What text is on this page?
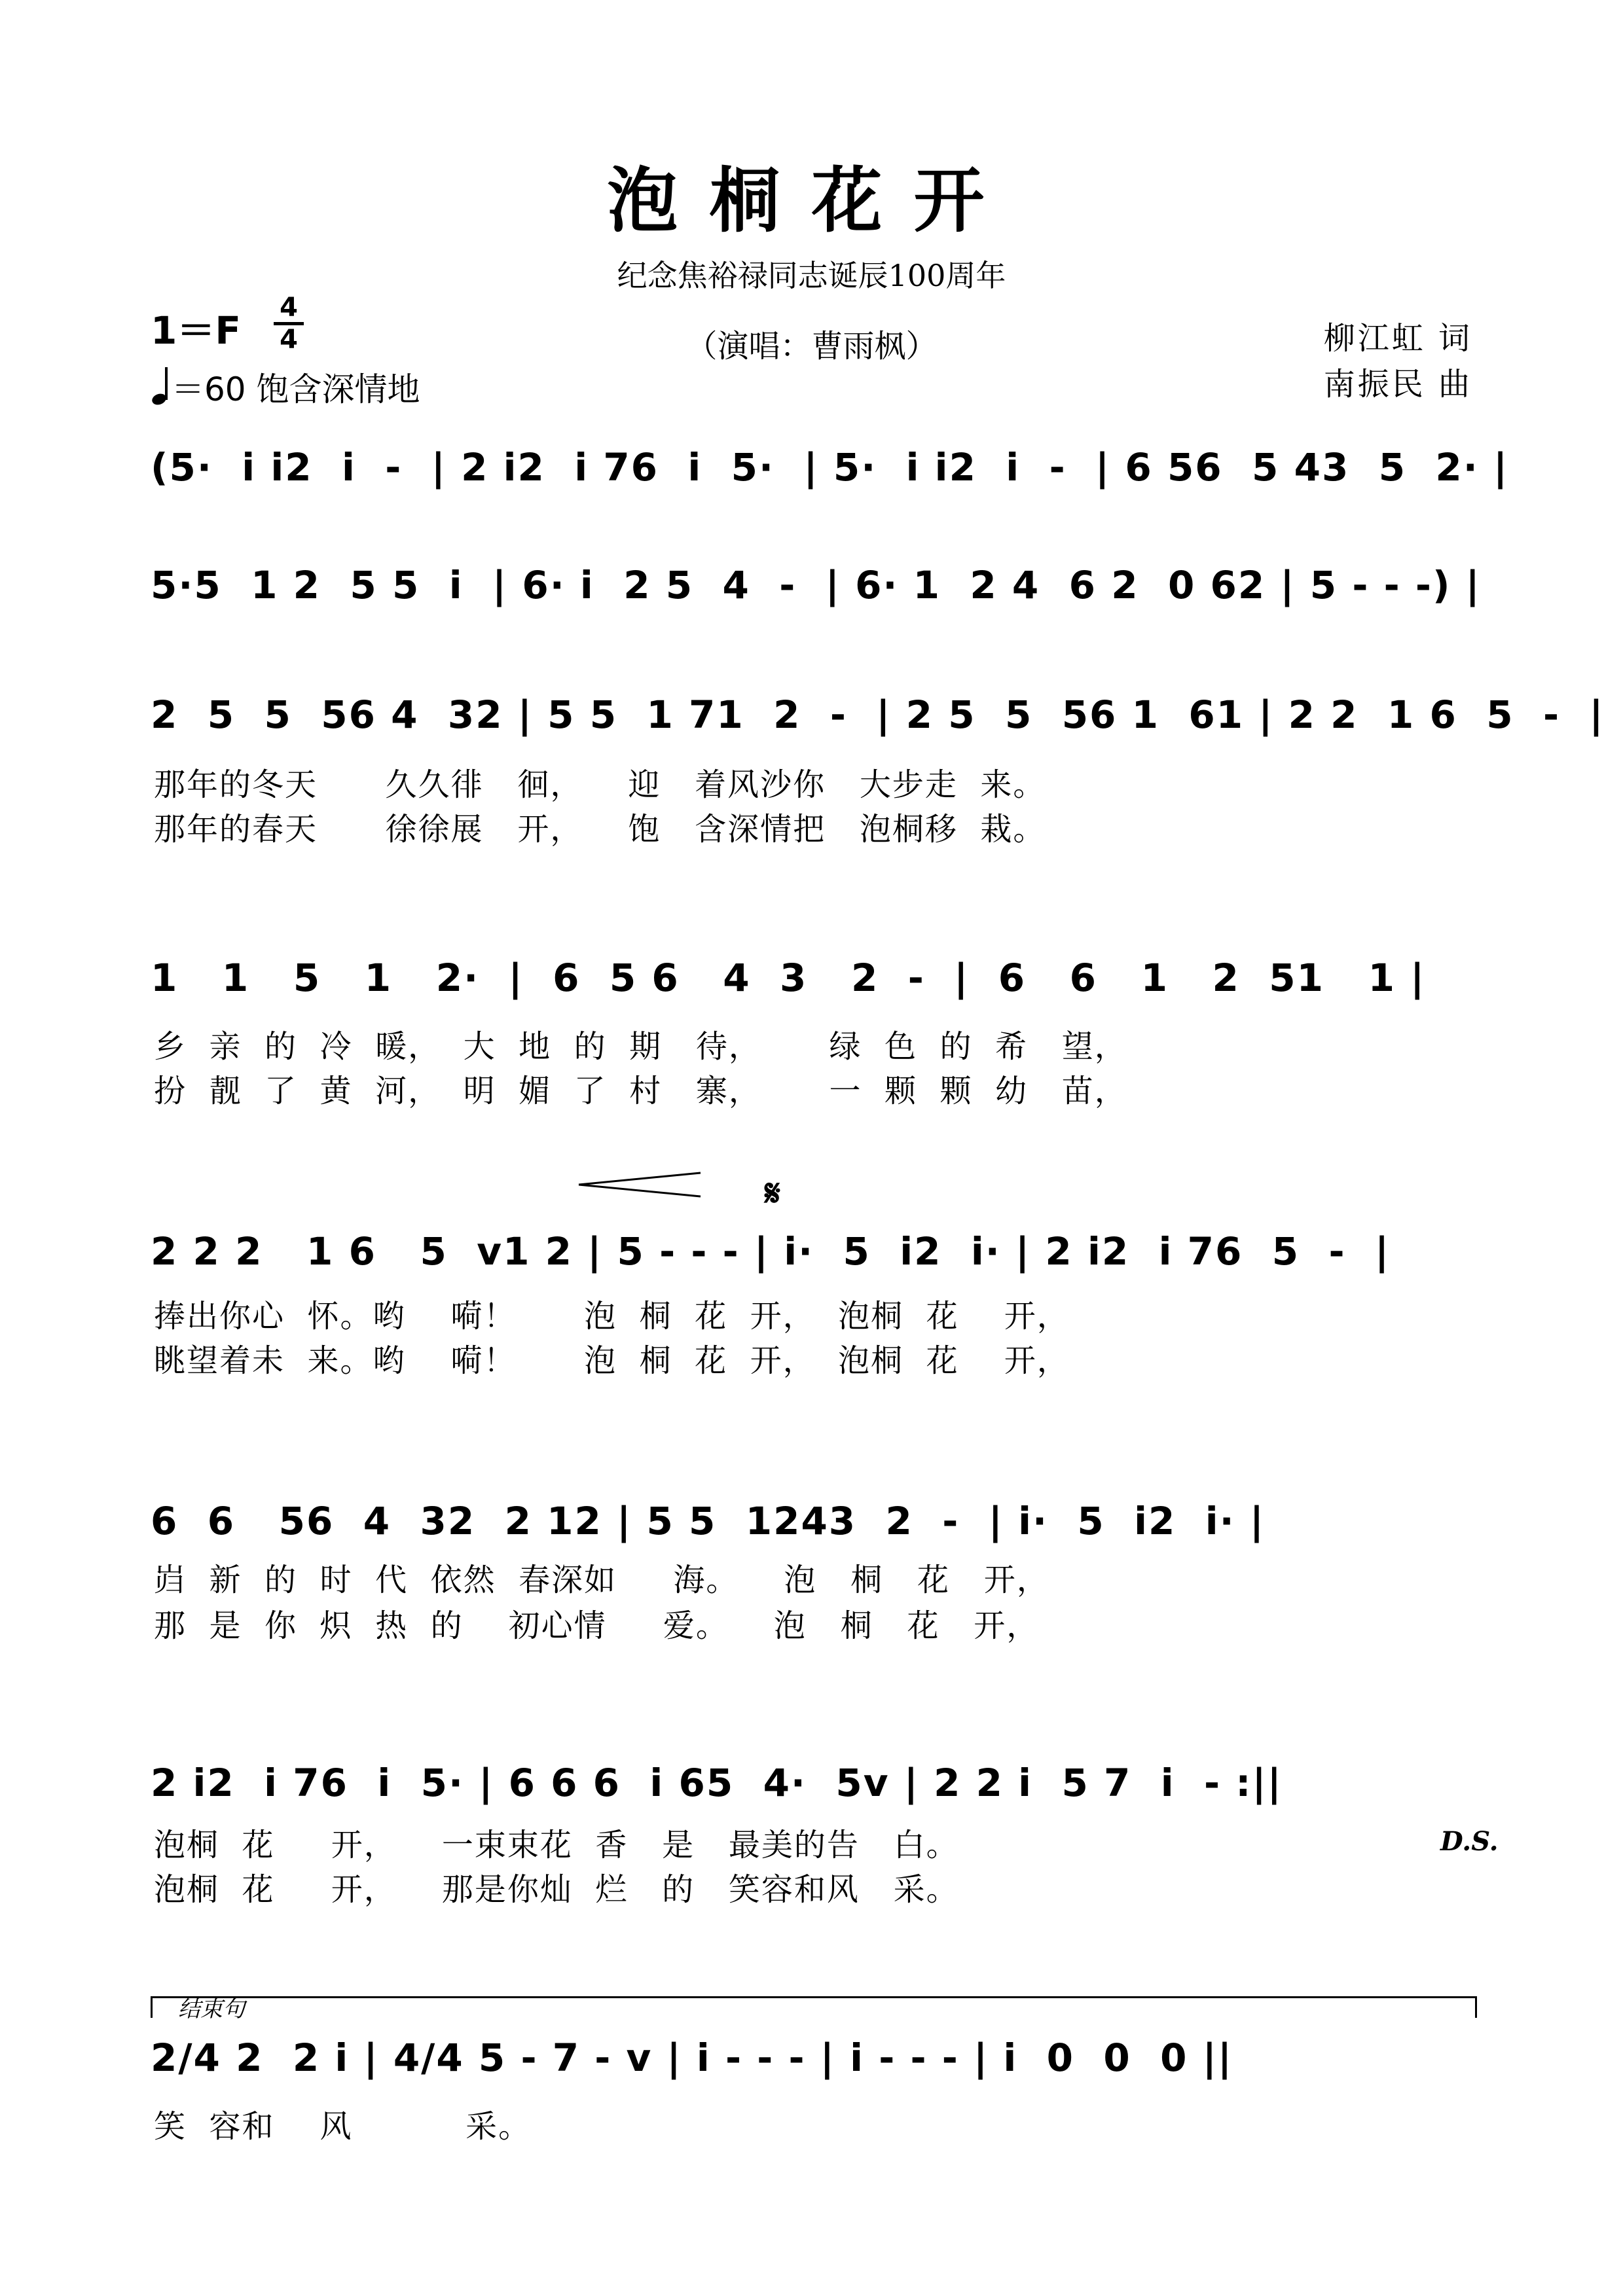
泡桐花开
纪念焦裕禄同志诞辰100周年
（演唱：曹雨枫）	柳江虹 词
南振民 曲
1＝F
4
4
＝60 饱含深情地
(5·  i i2  i  -  | 2 i2  i 76  i  5·  | 5·  i i2  i  -  | 6 56  5 43  5  2· |
5·5  1 2  5 5  i  | 6· i  2 5  4  -  | 6· 1  2 4  6 2  0 62 | 5 - - -) |
2  5  5  56 4  32 | 5 5  1 71  2  -  | 2 5  5  56 1  61 | 2 2  1 6  5  -  |
那年的冬天      久久徘   徊，    迎   着风沙你   大步走  来。
那年的春天      徐徐展   开，    饱   含深情把   泡桐移  栽。
1   1   5   1   2·  |  6  5 6   4  3   2  -  |  6   6   1   2  51   1 |
乡  亲  的  冷  暖，  大  地  的  期   待，      绿  色  的  希   望，
扮  靓  了  黄  河，  明  媚  了  村   寨，      一  颗  颗  幼   苗，
𝄋
2 2 2   1 6   5  v1 2 | 5 - - - | i·  5  i2  i· | 2 i2  i 76  5  -  |
捧出你心  怀。哟    嗬！      泡  桐  花  开，  泡桐  花    开，
眺望着未  来。哟    嗬！      泡  桐  花  开，  泡桐  花    开，
6  6   56  4  32  2 12 | 5 5  1243  2  -  | i·  5  i2  i· |
岿  新  的  时  代  依然  春深如     海。    泡   桐   花   开，
那  是  你  炽  热  的    初心情     爱。    泡   桐   花   开，
2 i2  i 76  i  5· | 6 6 6  i 65  4·  5v | 2 2 i  5 7  i  - :||
D.S.
泡桐  花     开，    一束束花  香   是   最美的告   白。
泡桐  花     开，    那是你灿  烂   的   笑容和风   采。
结束句
2/4 2  2 i | 4/4 5 - 7 - v | i - - - | i - - - | i  0  0  0 ||
笑  容和    风          采。
